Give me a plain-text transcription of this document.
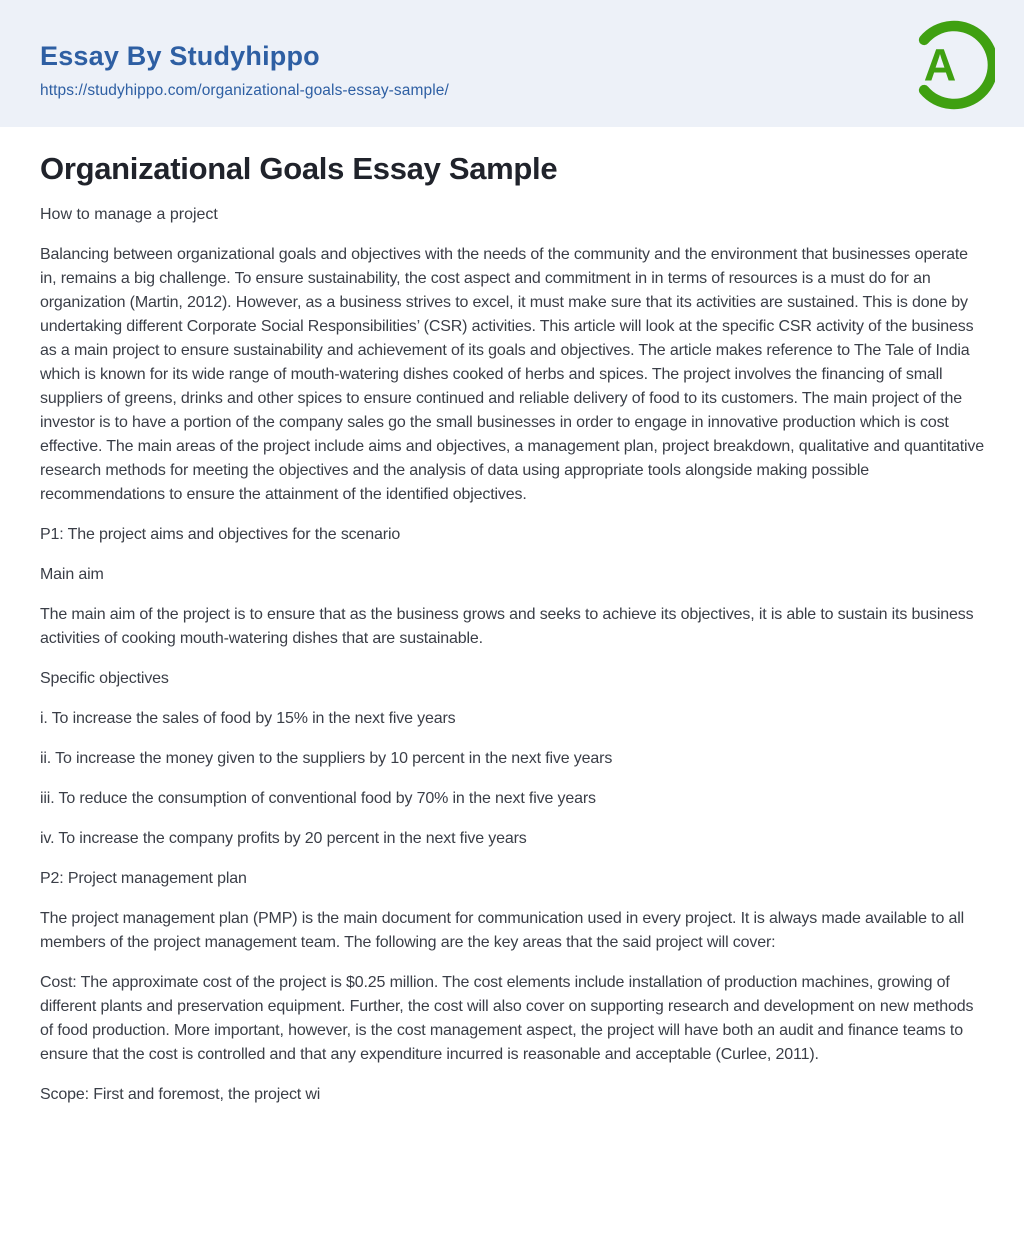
Essay By Studyhippo
https://studyhippo.com/organizational-goals-essay-sample/	A
Organizational Goals Essay Sample

How to manage a project

Balancing between organizational goals and objectives with the needs of the community and the environment that businesses operate in, remains a big challenge. To ensure sustainability, the cost aspect and commitment in in terms of resources is a must do for an organization (Martin, 2012). However, as a business strives to excel, it must make sure that its activities are sustained. This is done by undertaking different Corporate Social Responsibilities’ (CSR) activities. This article will look at the specific CSR activity of the business as a main project to ensure sustainability and achievement of its goals and objectives. The article makes reference to The Tale of India which is known for its wide range of mouth-watering dishes cooked of herbs and spices. The project involves the financing of small suppliers of greens, drinks and other spices to ensure continued and reliable delivery of food to its customers. The main project of the investor is to have a portion of the company sales go the small businesses in order to engage in innovative production which is cost effective. The main areas of the project include aims and objectives, a management plan, project breakdown, qualitative and quantitative research methods for meeting the objectives and the analysis of data using appropriate tools alongside making possible recommendations to ensure the attainment of the identified objectives.

P1: The project aims and objectives for the scenario

Main aim

The main aim of the project is to ensure that as the business grows and seeks to achieve its objectives, it is able to sustain its business activities of cooking mouth-watering dishes that are sustainable.

Specific objectives

i. To increase the sales of food by 15% in the next five years

ii. To increase the money given to the suppliers by 10 percent in the next five years

iii. To reduce the consumption of conventional food by 70% in the next five years

iv. To increase the company profits by 20 percent in the next five years

P2: Project management plan

The project management plan (PMP) is the main document for communication used in every project. It is always made available to all members of the project management team. The following are the key areas that the said project will cover:

Cost: The approximate cost of the project is $0.25 million. The cost elements include installation of production machines, growing of different plants and preservation equipment. Further, the cost will also cover on supporting research and development on new methods of food production. More important, however, is the cost management aspect, the project will have both an audit and finance teams to ensure that the cost is controlled and that any expenditure incurred is reasonable and acceptable (Curlee, 2011).

Scope: First and foremost, the project wi
